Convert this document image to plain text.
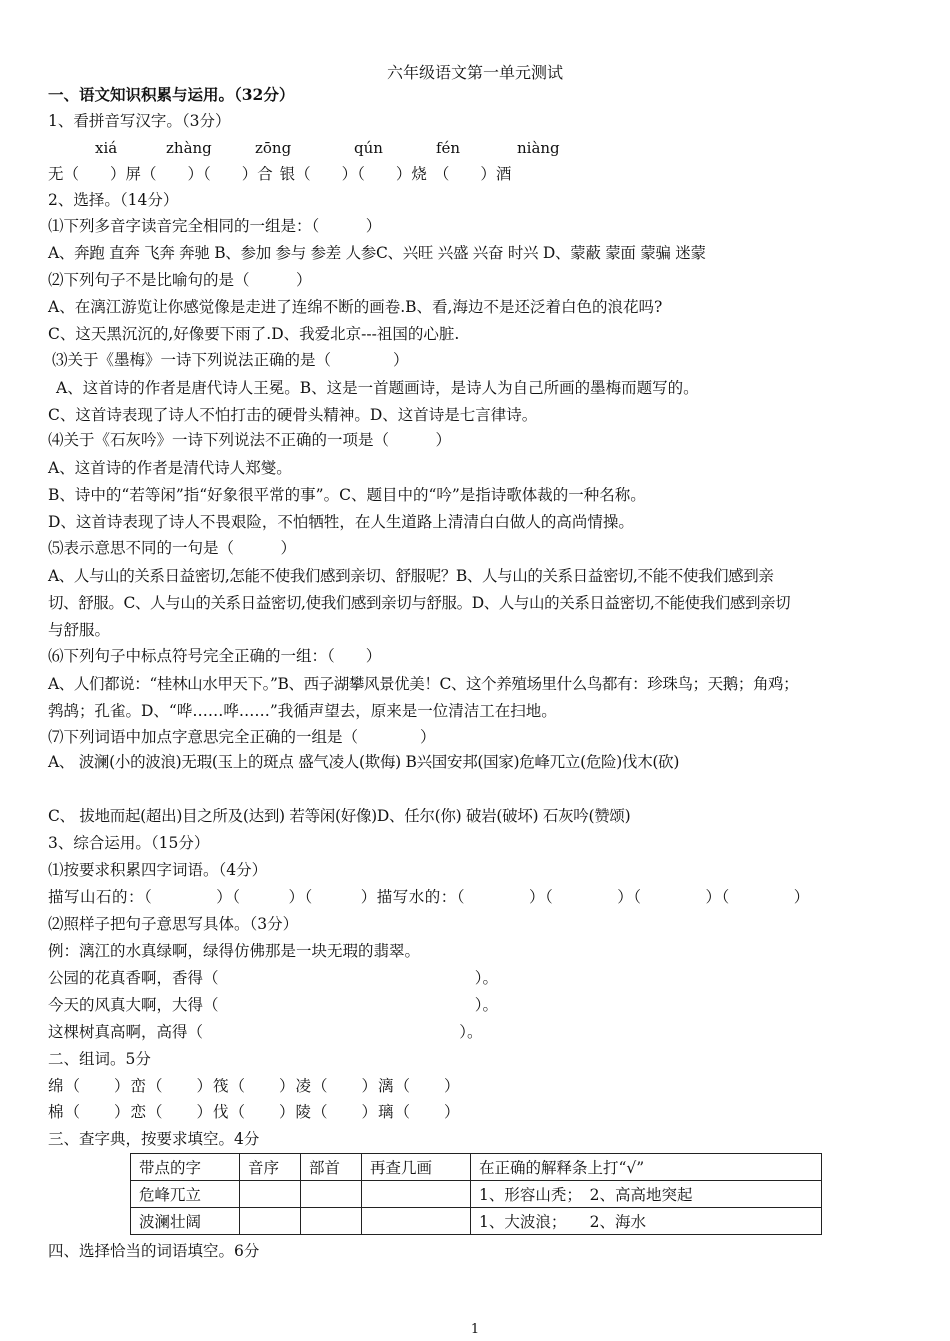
六年级语文第一单元测试
一、语文知识积累与运用。（32分）
1、看拼音写汉字。（3分）
xiá	zhàng	zōng	qún	fén	niàng
无（　　）屏（　　）（　　）合 银（　　）（　　）烧 （　　）酒
2、选择。（14分）
⑴下列多音字读音完全相同的一组是：（　　　）
A、奔跑 直奔 飞奔 奔驰 B、参加 参与 参差 人参C、兴旺 兴盛 兴奋 时兴 D、蒙蔽 蒙面 蒙骗 迷蒙
⑵下列句子不是比喻句的是（　　　）
A、在漓江游览让你感觉像是走进了连绵不断的画卷.B、看,海边不是还泛着白色的浪花吗?
C、这天黑沉沉的,好像要下雨了.D、我爱北京---祖国的心脏.
⑶关于《墨梅》一诗下列说法正确的是（　　　　）
A、这首诗的作者是唐代诗人王冕。B、这是一首题画诗，是诗人为自己所画的墨梅而题写的。
C、这首诗表现了诗人不怕打击的硬骨头精神。D、这首诗是七言律诗。
⑷关于《石灰吟》一诗下列说法不正确的一项是（　　　）
A、这首诗的作者是清代诗人郑燮。
B、诗中的“若等闲”指“好象很平常的事”。C、题目中的“吟”是指诗歌体裁的一种名称。
D、这首诗表现了诗人不畏艰险，不怕牺牲，在人生道路上清清白白做人的高尚情操。
⑸表示意思不同的一句是（　　　）
A、人与山的关系日益密切,怎能不使我们感到亲切、舒服呢？B、人与山的关系日益密切,不能不使我们感到亲
切、舒服。C、人与山的关系日益密切,使我们感到亲切与舒服。D、人与山的关系日益密切,不能使我们感到亲切
与舒服。
⑹下列句子中标点符号完全正确的一组：（　　）
A、人们都说：“桂林山水甲天下。”B、西子湖攀风景优美！C、这个养殖场里什么鸟都有：珍珠鸟；天鹅；角鸡；
鹁鸪；孔雀。D、“哗……哗……”我循声望去，原来是一位清洁工在扫地。
⑺下列词语中加点字意思完全正确的一组是（　　　　）
A、 波澜(小的波浪)无瑕(玉上的斑点 盛气凌人(欺侮) B兴国安邦(国家)危峰兀立(危险)伐木(砍)
C、 拔地而起(超出)目之所及(达到) 若等闲(好像)D、任尔(你) 破岩(破坏) 石灰吟(赞颂)
3、综合运用。（15分）
⑴按要求积累四字词语。（4分）
描写山石的：（　　　　）（　　　）（　　　）描写水的：（　　　　）（　　　　）（　　　　）（　　　　）
⑵照样子把句子意思写具体。（3分）
例：漓江的水真绿啊，绿得仿佛那是一块无瑕的翡翠。
公园的花真香啊，香得（                                                    ）。
今天的风真大啊，大得（                                                    ）。
这棵树真高啊，高得（                                                    ）。
二、组词。5分
绵（　　）峦（　　）筏（　　）凌（　　）漓（　　）
棉（　　）恋（　　）伐（　　）陵（　　）璃（　　）
三、查字典，按要求填空。4分
带点的字	音序	部首	再查几画	在正确的解释条上打“√”
危峰兀立				1、形容山秃；　2、高高地突起
波澜壮阔				1、大波浪；　　2、海水
四、选择恰当的词语填空。6分
1
